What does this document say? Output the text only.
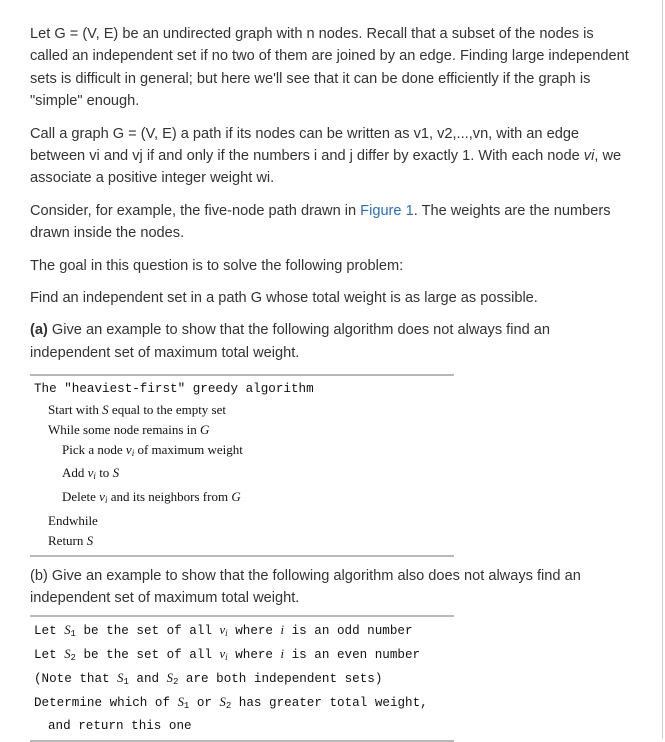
Let G = (V, E) be an undirected graph with n nodes. Recall that a subset of the nodes is called an independent set if no two of them are joined by an edge. Finding large independent sets is difficult in general; but here we'll see that it can be done efficiently if the graph is "simple" enough.

Call a graph G = (V, E) a path if its nodes can be written as v1, v2,...,vn, with an edge between vi and vj if and only if the numbers i and j differ by exactly 1. With each node vi, we associate a positive integer weight wi.

Consider, for example, the five-node path drawn in Figure 1. The weights are the numbers drawn inside the nodes.

The goal in this question is to solve the following problem:

Find an independent set in a path G whose total weight is as large as possible.

(a) Give an example to show that the following algorithm does not always find an independent set of maximum total weight.

The "heaviest-first" greedy algorithm
Start with S equal to the empty set
While some node remains in G
Pick a node $v_i$ of maximum weight
Add $v_i$ to S
Delete $v_i$ and its neighbors from G
Endwhile
Return S

(b) Give an example to show that the following algorithm also does not always find an independent set of maximum total weight.

Let $S_1$ be the set of all $v_i$ where i is an odd number
Let $S_2$ be the set of all $v_i$ where i is an even number
(Note that $S_1$ and $S_2$ are both independent sets)
Determine which of $S_1$ or $S_2$ has greater total weight,
and return this one
